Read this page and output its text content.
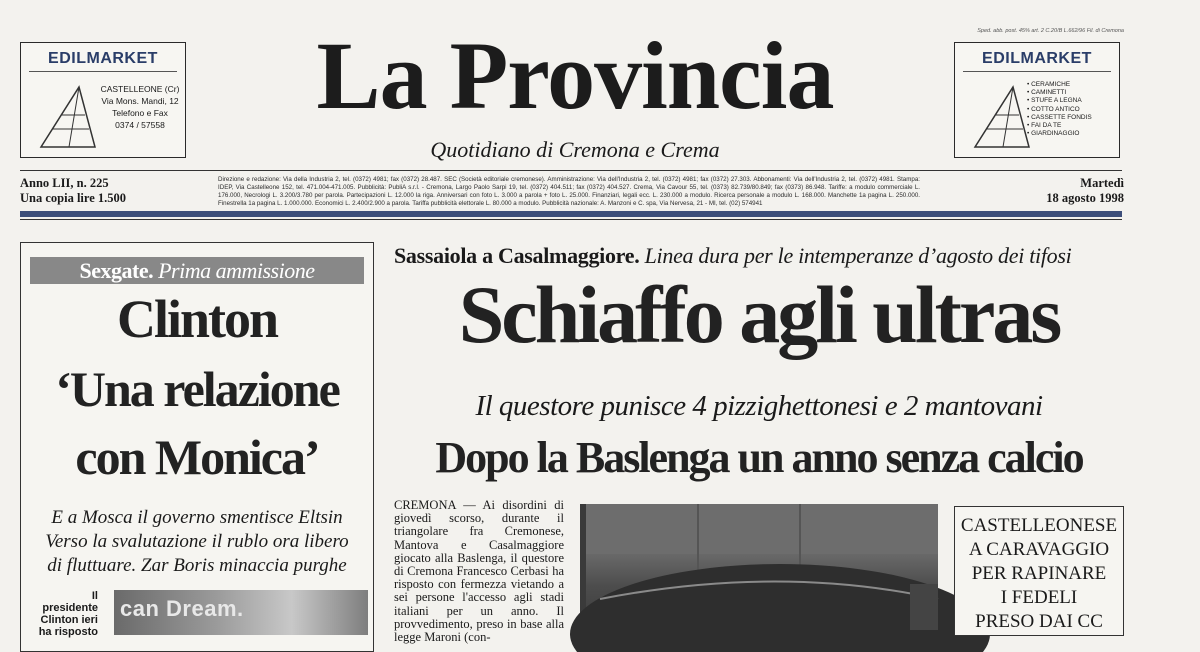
EDILMARKET
CASTELLEONE (Cr)
Via Mons. Mandi, 12
Telefono e Fax
0374 / 57558
Sped. abb. post. 45% art. 2 C.20/B L.662/96 Fil. di Cremona
La Provincia
Quotidiano di Cremona e Crema
EDILMARKET
• CERAMICHE
• CAMINETTI
• STUFE A LEGNA
• COTTO ANTICO
• CASSETTE FONDIS
• FAI DA TE
• GIARDINAGGIO
Anno LII, n. 225
Una copia lire 1.500
Direzione e redazione: Via della Industria 2, tel. (0372) 4981; fax (0372) 28.487. SEC (Società editoriale cremonese). Amministrazione: Via dell'Industria 2, tel. (0372) 4981; fax (0372) 27.303. Abbonamenti: Via dell'Industria 2, tel. (0372) 4981. Stampa: IDEP, Via Castelleone 152, tel. 471.004-471.005. Pubblicità: PubliA s.r.l. - Cremona, Largo Paolo Sarpi 19, tel. (0372) 404.511; fax (0372) 404.527. Crema, Via Cavour 55, tel. (0373) 82.739/80.849; fax (0373) 86.948. Tariffe: a modulo commerciale L. 176.000, Necrologi L. 3.200/3.780 per parola. Partecipazioni L. 12.000 la riga. Anniversari con foto L. 3.000 a parola + foto L. 25.000. Finanziari, legali ecc. L. 230.000 a modulo. Ricerca personale a modulo L. 168.000. Manchette 1a pagina L. 250.000. Finestrella 1a pagina L. 1.000.000. Economici L. 2.400/2.900 a parola. Tariffa pubblicità elettorale L. 80.000 a modulo. Pubblicità nazionale: A. Manzoni e C. spa, Via Nervesa, 21 - MI, tel. (02) 574941
Martedì
18 agosto 1998
Sexgate. Prima ammissione
Clinton
‘Una relazione
con Monica’
E a Mosca il governo smentisce Eltsin
Verso la svalutazione il rublo ora libero
di fluttuare. Zar Boris minaccia purghe
Il
presidente
Clinton ieri
ha risposto
can Dream.
Sassaiola a Casalmaggiore. Linea dura per le intemperanze d’agosto dei tifosi
Schiaffo agli ultras
Il questore punisce 4 pizzighettonesi e 2 mantovani
Dopo la Baslenga un anno senza calcio
CREMONA — Ai disordini di giovedì scorso, durante il triangolare fra Cremonese, Mantova e Casalmaggiore giocato alla Baslenga, il questore di Cremona Francesco Cerbasi ha risposto con fermezza vietando a sei persone l'accesso agli stadi italiani per un anno. Il provvedimento, preso in base alla legge Maroni (con-
CASTELLEONESE
A CARAVAGGIO
PER RAPINARE
I FEDELI
PRESO DAI CC
